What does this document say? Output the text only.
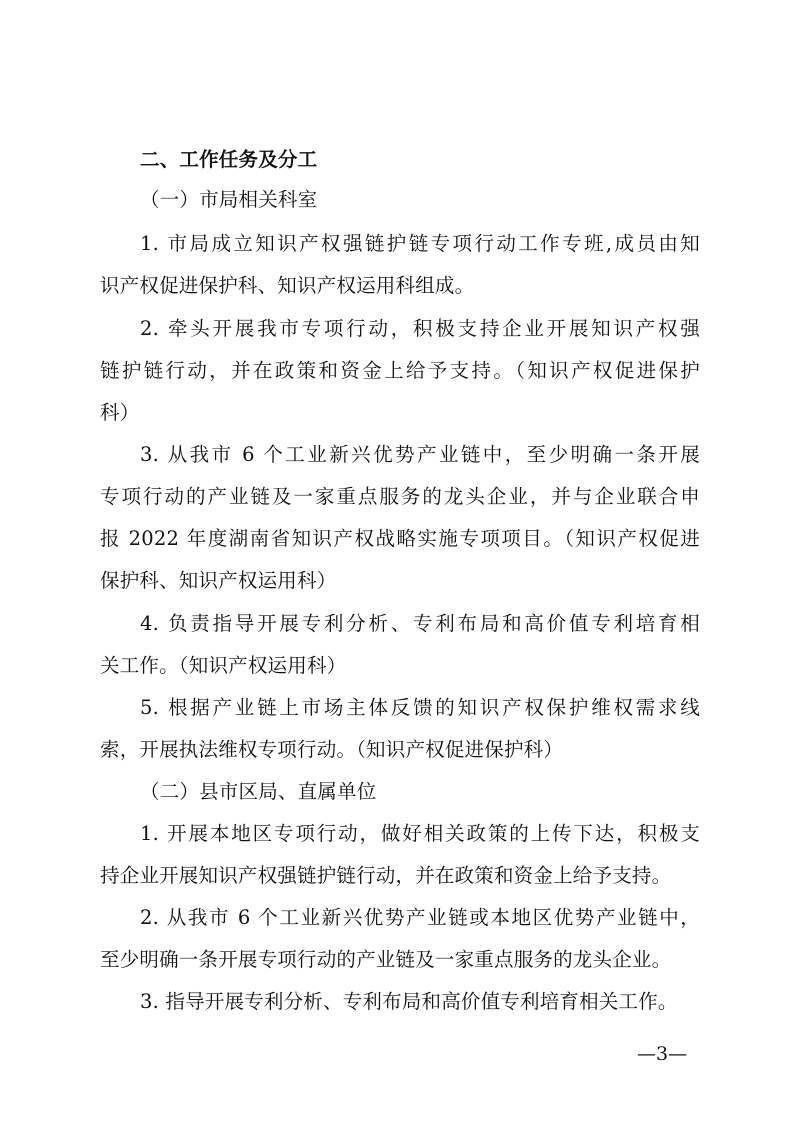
二、工作任务及分工
（一）市局相关科室
1. 市局成立知识产权强链护链专项行动工作专班,成员由知
识产权促进保护科、知识产权运用科组成。
2. 牵头开展我市专项行动，积极支持企业开展知识产权强
链护链行动，并在政策和资金上给予支持。（知识产权促进保护
科）
3. 从我市 6 个工业新兴优势产业链中，至少明确一条开展
专项行动的产业链及一家重点服务的龙头企业，并与企业联合申
报 2022 年度湖南省知识产权战略实施专项项目。（知识产权促进
保护科、知识产权运用科）
4. 负责指导开展专利分析、专利布局和高价值专利培育相
关工作。（知识产权运用科）
5. 根据产业链上市场主体反馈的知识产权保护维权需求线
索，开展执法维权专项行动。（知识产权促进保护科）
（二）县市区局、直属单位
1. 开展本地区专项行动，做好相关政策的上传下达，积极支
持企业开展知识产权强链护链行动，并在政策和资金上给予支持。
2. 从我市 6 个工业新兴优势产业链或本地区优势产业链中，
至少明确一条开展专项行动的产业链及一家重点服务的龙头企业。
3. 指导开展专利分析、专利布局和高价值专利培育相关工作。
—3—
